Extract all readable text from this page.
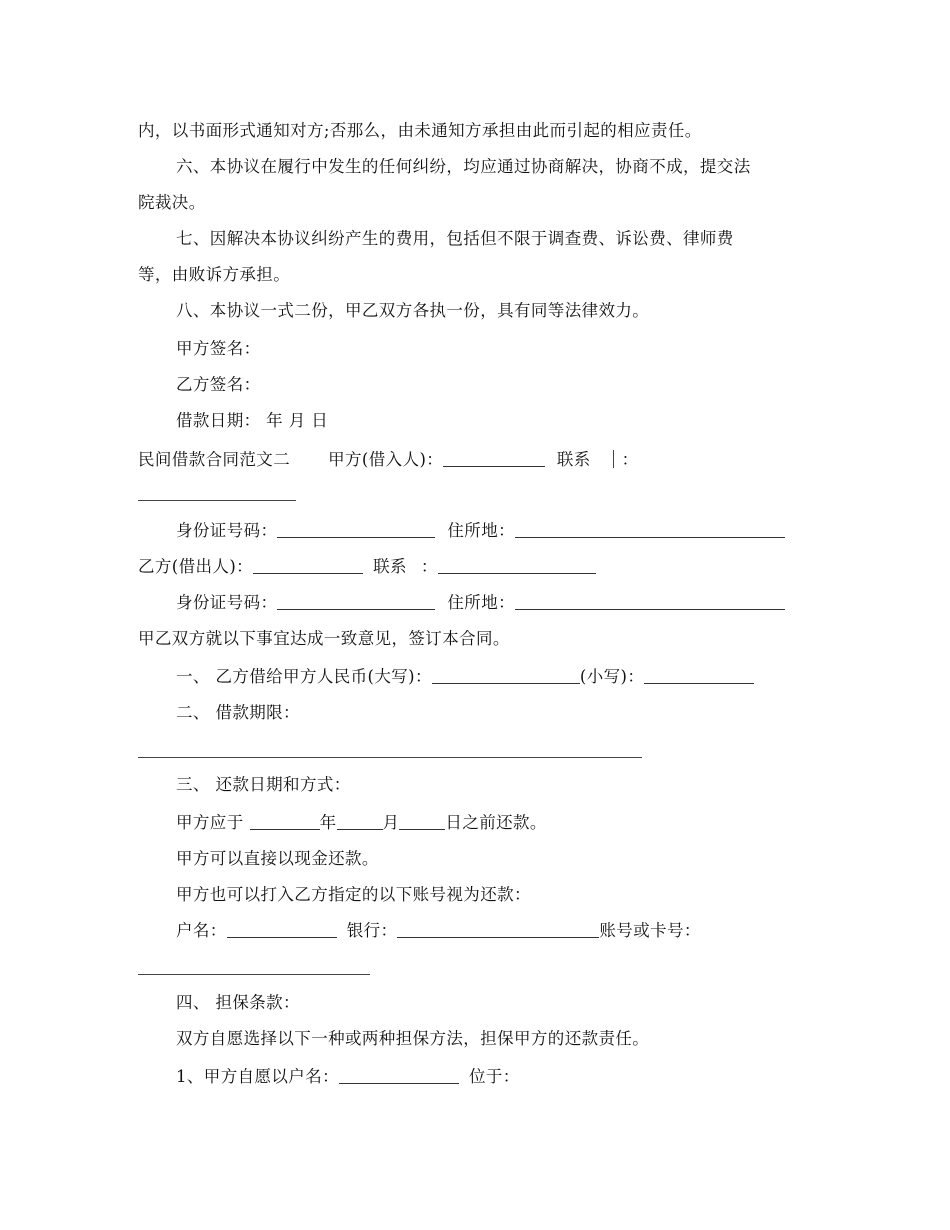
内，以书面形式通知对方;否那么，由未通知方承担由此而引起的相应责任。
六、本协议在履行中发生的任何纠纷，均应通过协商解决，协商不成，提交法
院裁决。
七、因解决本协议纠纷产生的费用，包括但不限于调查费、诉讼费、律师费
等，由败诉方承担。
八、本协议一式二份，甲乙双方各执一份，具有同等法律效力。
甲方签名：
乙方签名：
借款日期： 年 月 日
民间借款合同范文二 甲方(借入人)：	联系 ：
身份证号码：	住所地：
乙方(借出人)：	联系 ：
身份证号码：	住所地：
甲乙双方就以下事宜达成一致意见，签订本合同。
一、 乙方借给甲方人民币(大写)：	(小写)：
二、 借款期限：
三、 还款日期和方式：
甲方应于	年	月	日之前还款。
甲方可以直接以现金还款。
甲方也可以打入乙方指定的以下账号视为还款：
户名：	银行：	账号或卡号：
四、 担保条款：
双方自愿选择以下一种或两种担保方法，担保甲方的还款责任。
1、甲方自愿以户名：	位于：
